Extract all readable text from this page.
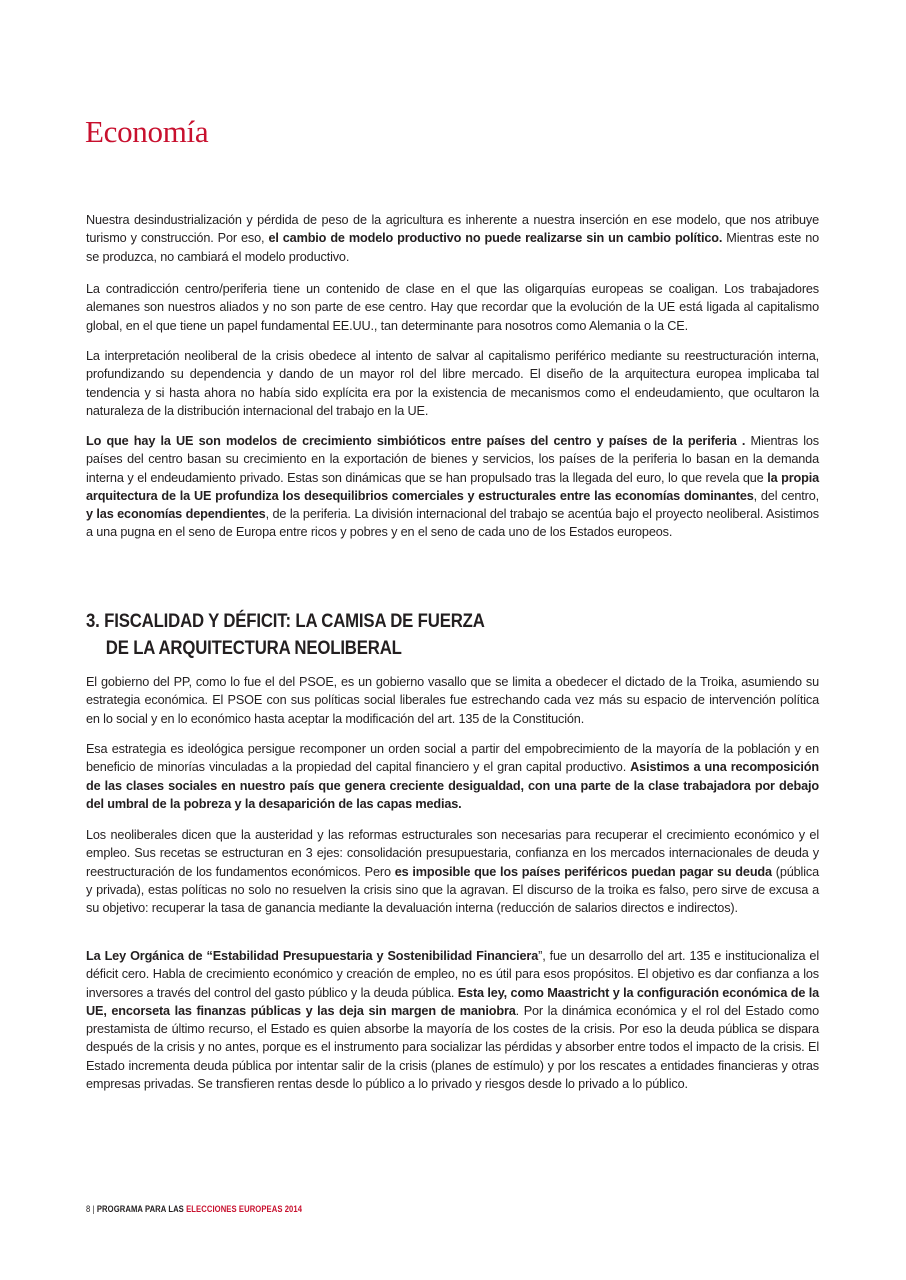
Economía

Nuestra desindustrialización y pérdida de peso de la agricultura es inherente a nuestra inserción en ese modelo, que nos atribuye turismo y construcción. Por eso, el cambio de modelo productivo no puede realizarse sin un cambio político. Mientras este no se produzca, no cambiará el modelo productivo.

La contradicción centro/periferia tiene un contenido de clase en el que las oligarquías europeas se coaligan. Los trabajadores alemanes son nuestros aliados y no son parte de ese centro. Hay que recordar que la evolución de la UE está ligada al capitalismo global, en el que tiene un papel fundamental EE.UU., tan determinante para nosotros como Alemania o la CE.

La interpretación neoliberal de la crisis obedece al intento de salvar al capitalismo periférico mediante su reestructuración interna, profundizando su dependencia y dando de un mayor rol del libre mercado. El diseño de la arquitectura europea implicaba tal tendencia y si hasta ahora no había sido explícita era por la existencia de mecanismos como el endeudamiento, que ocultaron la naturaleza de la distribución internacional del trabajo en la UE.

Lo que hay la UE son modelos de crecimiento simbióticos entre países del centro y países de la periferia . Mientras los países del centro basan su crecimiento en la exportación de bienes y servicios, los países de la periferia lo basan en la demanda interna y el endeudamiento privado. Estas son dinámicas que se han propulsado tras la llegada del euro, lo que revela que la propia arquitectura de la UE profundiza los desequilibrios comerciales y estructurales entre las economías dominantes, del centro, y las economías dependientes, de la periferia. La división internacional del trabajo se acentúa bajo el proyecto neoliberal. Asistimos a una pugna en el seno de Europa entre ricos y pobres y en el seno de cada uno de los Estados europeos.

3. FISCALIDAD Y DÉFICIT: LA CAMISA DE FUERZA
DE LA ARQUITECTURA NEOLIBERAL

El gobierno del PP, como lo fue el del PSOE, es un gobierno vasallo que se limita a obedecer el dictado de la Troika, asumiendo su estrategia económica. El PSOE con sus políticas social liberales fue estrechando cada vez más su espacio de intervención política en lo social y en lo económico hasta aceptar la modificación del art. 135 de la Constitución.

Esa estrategia es ideológica persigue recomponer un orden social a partir del empobrecimiento de la mayoría de la población y en beneficio de minorías vinculadas a la propiedad del capital financiero y el gran capital productivo. Asistimos a una recomposición de las clases sociales en nuestro país que genera creciente desigualdad, con una parte de la clase trabajadora por debajo del umbral de la pobreza y la desaparición de las capas medias.

Los neoliberales dicen que la austeridad y las reformas estructurales son necesarias para recuperar el crecimiento económico y el empleo. Sus recetas se estructuran en 3 ejes: consolidación presupuestaria, confianza en los mercados internacionales de deuda y reestructuración de los fundamentos económicos. Pero es imposible que los países periféricos puedan pagar su deuda (pública y privada), estas políticas no solo no resuelven la crisis sino que la agravan. El discurso de la troika es falso, pero sirve de excusa a su objetivo: recuperar la tasa de ganancia mediante la devaluación interna (reducción de salarios directos e indirectos).

La Ley Orgánica de “Estabilidad Presupuestaria y Sostenibilidad Financiera”, fue un desarrollo del art. 135 e institucionaliza el déficit cero. Habla de crecimiento económico y creación de empleo, no es útil para esos propósitos. El objetivo es dar confianza a los inversores a través del control del gasto público y la deuda pública. Esta ley, como Maastricht y la configuración económica de la UE, encorseta las finanzas públicas y las deja sin margen de maniobra. Por la dinámica económica y el rol del Estado como prestamista de último recurso, el Estado es quien absorbe la mayoría de los costes de la crisis. Por eso la deuda pública se dispara después de la crisis y no antes, porque es el instrumento para socializar las pérdidas y absorber entre todos el impacto de la crisis. El Estado incrementa deuda pública por intentar salir de la crisis (planes de estímulo) y por los rescates a entidades financieras y otras empresas privadas. Se transfieren rentas desde lo público a lo privado y riesgos desde lo privado a lo público.

8 | PROGRAMA PARA LAS ELECCIONES EUROPEAS 2014
